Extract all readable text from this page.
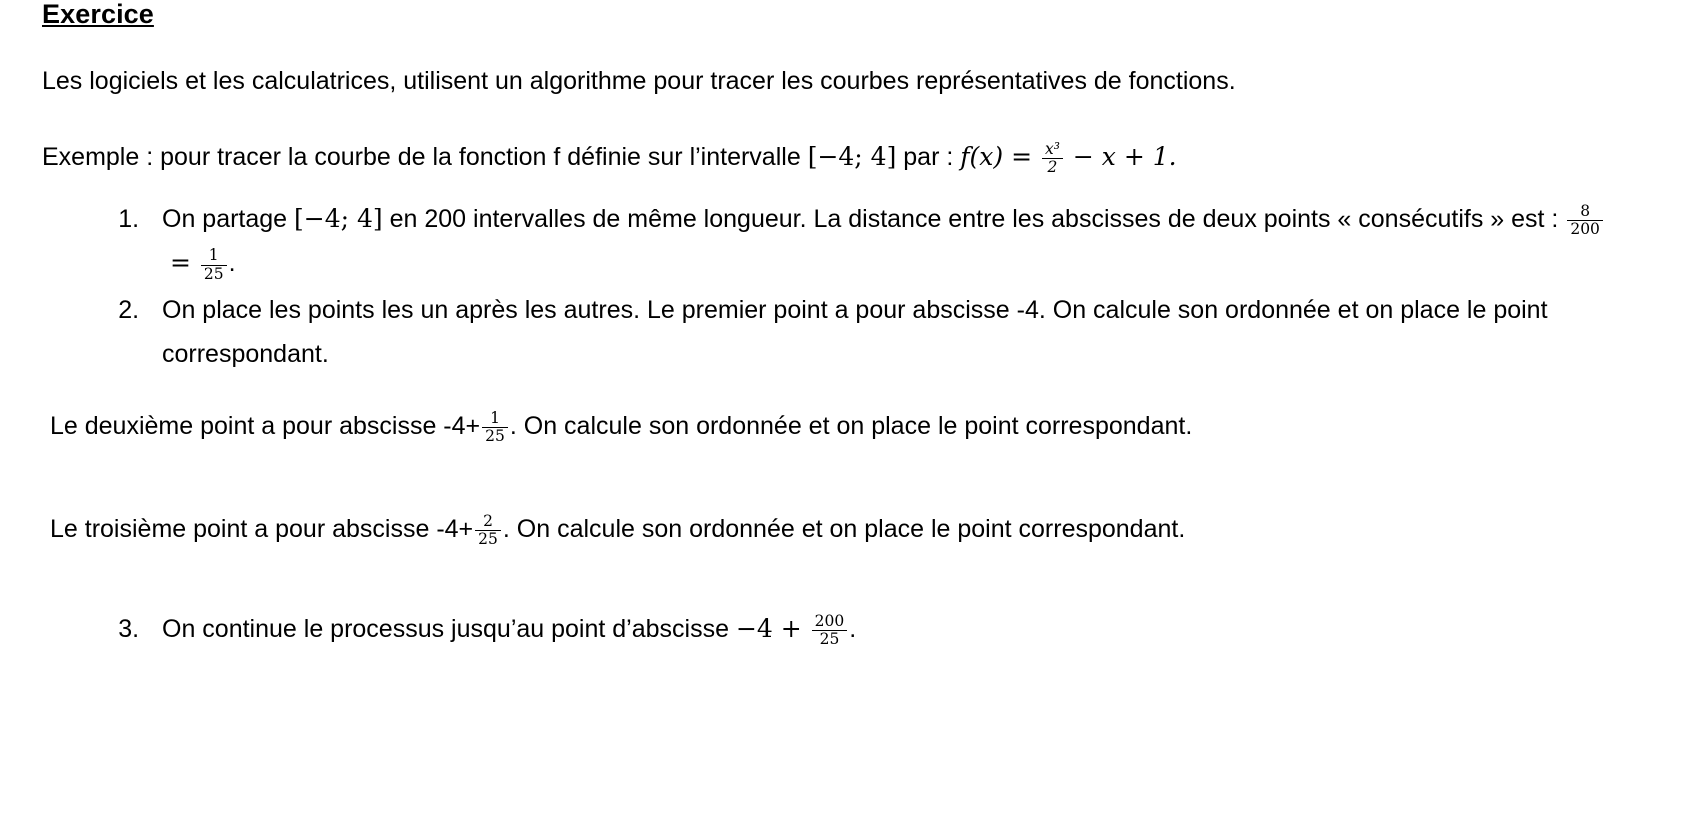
Exercice

Les logiciels et les calculatrices, utilisent un algorithme pour tracer les courbes représentatives de fonctions.

Exemple : pour tracer la courbe de la fonction f définie sur l’intervalle [−4; 4] par : $f(x) = \frac{\text{x³}}{2} - x + 1$.

1. On partage [−4; 4] en 200 intervalles de même longueur. La distance entre les abscisses de deux points « consécutifs » est : $\frac{8}{200}$
= $\frac{1}{25}$ .
2. On place les points les un après les autres. Le premier point a pour abscisse -4. On calcule son ordonnée et on place le point correspondant.

Le deuxième point a pour abscisse $-4+ \frac{1}{25}$ . On calcule son ordonnée et on place le point correspondant.

Le troisième point a pour abscisse $-4+ \frac{2}{25}$ . On calcule son ordonnée et on place le point correspondant.

3. On continue le processus jusqu’au point d’abscisse $-4 + \frac{200}{25}$ .
